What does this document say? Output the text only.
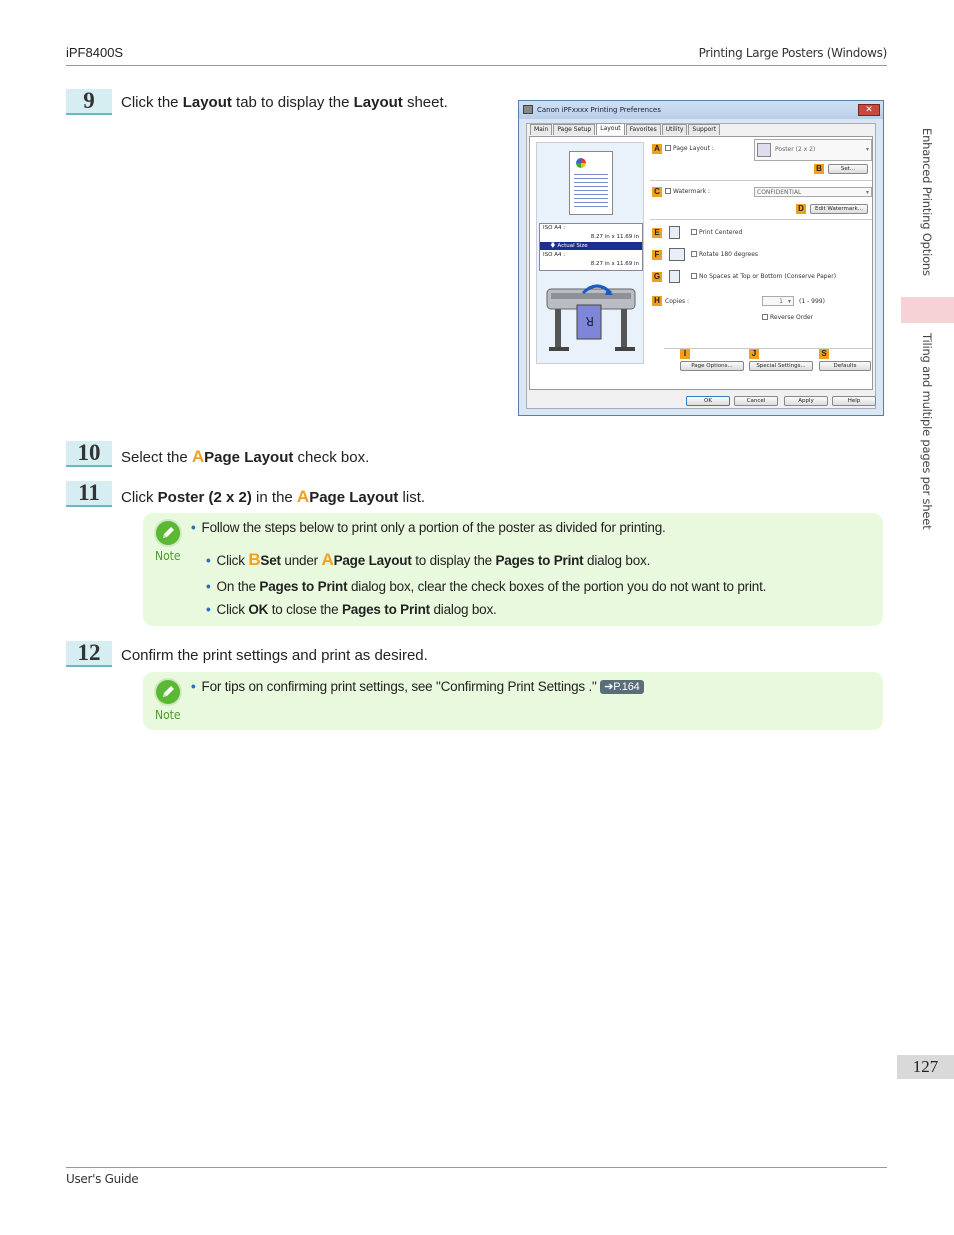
iPF8400S	Printing Large Posters (Windows)
Enhanced Printing Options
Tiling and multiple pages per sheet
9	Click the Layout tab to display the Layout sheet.	Canon iPFxxxx Printing Preferences	✕
Main	Page Setup	Layout	Favorites	Utility	Support
ISO A4 :
8.27 in x 11.69 in
🡇 Actual Size
ISO A4 :
8.27 in x 11.69 in
R
A	Page Layout :	Poster (2 x 2) ▾
B	Set...
C	Watermark :	CONFIDENTIAL ▾
D	Edit Watermark...
E	Print Centered
F	Rotate 180 degrees
G	No Spaces at Top or Bottom (Conserve Paper)
H Copies :	1 ▾	(1 - 999)
Reverse Order
I	J	S
Page Options...	Special Settings...	Defaults
OK	Cancel	Apply	Help
10	Select the APage Layout check box.
11	Click Poster (2 x 2) in the APage Layout list.
Note
• Follow the steps below to print only a portion of the poster as divided for printing.
• Click BSet under APage Layout to display the Pages to Print dialog box.
• On the Pages to Print dialog box, clear the check boxes of the portion you do not want to print.
• Click OK to close the Pages to Print dialog box.
12	Confirm the print settings and print as desired.
Note
• For tips on confirming print settings, see "Confirming Print Settings ." ➔P.164
127
User's Guide
